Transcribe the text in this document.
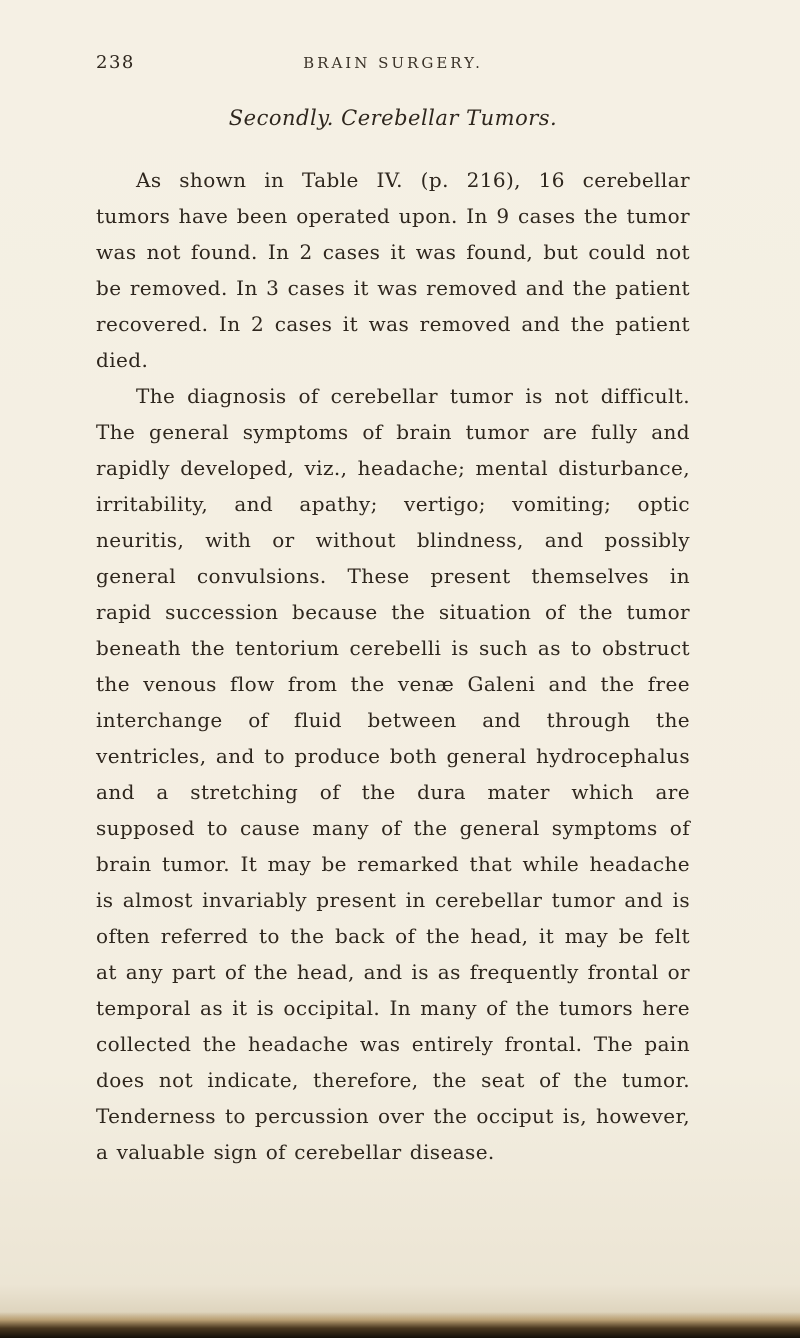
238	BRAIN SURGERY.
Secondly. Cerebellar Tumors.

As shown in Table IV. (p. 216), 16 cerebellar tumors have been operated upon. In 9 cases the tumor was not found. In 2 cases it was found, but could not be removed. In 3 cases it was removed and the patient recovered. In 2 cases it was removed and the patient died.

The diagnosis of cerebellar tumor is not difficult. The general symptoms of brain tumor are fully and rapidly developed, viz., headache; mental disturbance, irritability, and apathy; vertigo; vomiting; optic neuritis, with or without blindness, and possibly general convulsions. These present themselves in rapid succession because the situation of the tumor beneath the tentorium cerebelli is such as to obstruct the venous flow from the venæ Galeni and the free interchange of fluid between and through the ventricles, and to produce both general hydrocephalus and a stretching of the dura mater which are supposed to cause many of the general symptoms of brain tumor. It may be remarked that while headache is almost invariably present in cerebellar tumor and is often referred to the back of the head, it may be felt at any part of the head, and is as frequently frontal or temporal as it is occipital. In many of the tumors here collected the headache was entirely frontal. The pain does not indicate, therefore, the seat of the tumor. Tenderness to percussion over the occiput is, however, a valuable sign of cerebellar disease.
